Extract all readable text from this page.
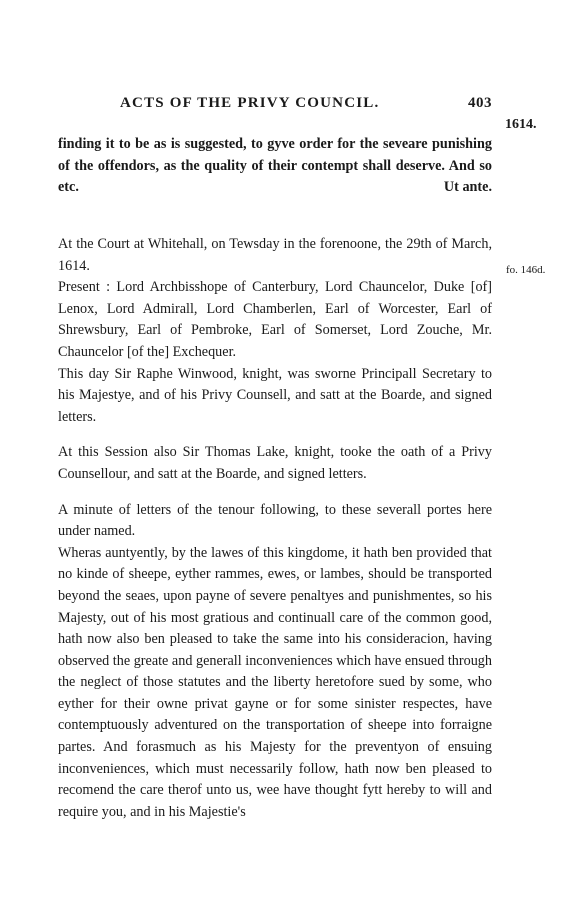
ACTS OF THE PRIVY COUNCIL.	403
1614.
fo. 146d.

finding it to be as is suggested, to gyve order for the seveare punishing of the offendors, as the quality of their contempt shall deserve. And so etc.	Ut ante.

At the Court at Whitehall, on Tewsday in the forenoone, the 29th of March, 1614.

Present : Lord Archbisshope of Canterbury, Lord Chauncelor, Duke [of] Lenox, Lord Admirall, Lord Chamberlen, Earl of Worcester, Earl of Shrewsbury, Earl of Pembroke, Earl of Somerset, Lord Zouche, Mr. Chauncelor [of the] Exchequer.

This day Sir Raphe Winwood, knight, was sworne Principall Secretary to his Majestye, and of his Privy Counsell, and satt at the Boarde, and signed letters.

At this Session also Sir Thomas Lake, knight, tooke the oath of a Privy Counsellour, and satt at the Boarde, and signed letters.

A minute of letters of the tenour following, to these severall portes here under named.

Wheras auntyently, by the lawes of this kingdome, it hath ben provided that no kinde of sheepe, eyther rammes, ewes, or lambes, should be transported beyond the seaes, upon payne of severe penaltyes and punishmentes, so his Majesty, out of his most gratious and continuall care of the common good, hath now also ben pleased to take the same into his consideracion, having observed the greate and generall inconveniences which have ensued through the neglect of those statutes and the liberty heretofore sued by some, who eyther for their owne privat gayne or for some sinister respectes, have contemptuously adventured on the transportation of sheepe into forraigne partes. And forasmuch as his Majesty for the preventyon of ensuing inconveniences, which must necessarily follow, hath now ben pleased to recomend the care therof unto us, wee have thought fytt hereby to will and require you, and in his Majestie's
